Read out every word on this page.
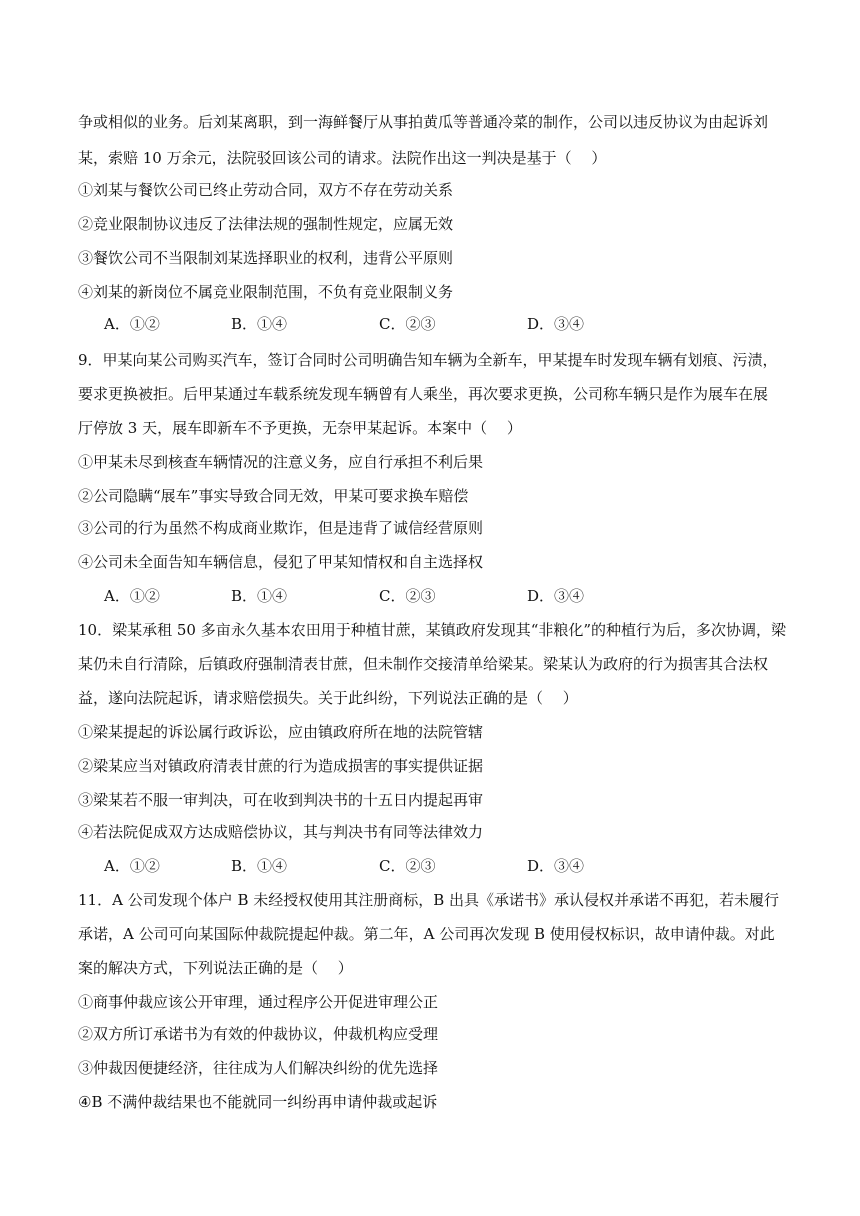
争或相似的业务。后刘某离职，到一海鲜餐厅从事拍黄瓜等普通冷菜的制作，公司以违反协议为由起诉刘
某，索赔 10 万余元，法院驳回该公司的请求。法院作出这一判决是基于（　 ）
①刘某与餐饮公司已终止劳动合同，双方不存在劳动关系
②竞业限制协议违反了法律法规的强制性规定，应属无效
③餐饮公司不当限制刘某选择职业的权利，违背公平原则
④刘某的新岗位不属竞业限制范围，不负有竞业限制义务
A．①②	B．①④	C．②③	D．③④
9．甲某向某公司购买汽车，签订合同时公司明确告知车辆为全新车，甲某提车时发现车辆有划痕、污渍，
要求更换被拒。后甲某通过车载系统发现车辆曾有人乘坐，再次要求更换，公司称车辆只是作为展车在展
厅停放 3 天，展车即新车不予更换，无奈甲某起诉。本案中（　 ）
①甲某未尽到核查车辆情况的注意义务，应自行承担不利后果
②公司隐瞒“展车”事实导致合同无效，甲某可要求换车赔偿
③公司的行为虽然不构成商业欺诈，但是违背了诚信经营原则
④公司未全面告知车辆信息，侵犯了甲某知情权和自主选择权
A．①②	B．①④	C．②③	D．③④
10．梁某承租 50 多亩永久基本农田用于种植甘蔗，某镇政府发现其“非粮化”的种植行为后，多次协调，梁
某仍未自行清除，后镇政府强制清表甘蔗，但未制作交接清单给梁某。梁某认为政府的行为损害其合法权
益，遂向法院起诉，请求赔偿损失。关于此纠纷，下列说法正确的是（　 ）
①梁某提起的诉讼属行政诉讼，应由镇政府所在地的法院管辖
②梁某应当对镇政府清表甘蔗的行为造成损害的事实提供证据
③梁某若不服一审判决，可在收到判决书的十五日内提起再审
④若法院促成双方达成赔偿协议，其与判决书有同等法律效力
A．①②	B．①④	C．②③	D．③④
11．A 公司发现个体户 B 未经授权使用其注册商标，B 出具《承诺书》承认侵权并承诺不再犯，若未履行
承诺，A 公司可向某国际仲裁院提起仲裁。第二年，A 公司再次发现 B 使用侵权标识，故申请仲裁。对此
案的解决方式，下列说法正确的是（　 ）
①商事仲裁应该公开审理，通过程序公开促进审理公正
②双方所订承诺书为有效的仲裁协议，仲裁机构应受理
③仲裁因便捷经济，往往成为人们解决纠纷的优先选择
④B 不满仲裁结果也不能就同一纠纷再申请仲裁或起诉
